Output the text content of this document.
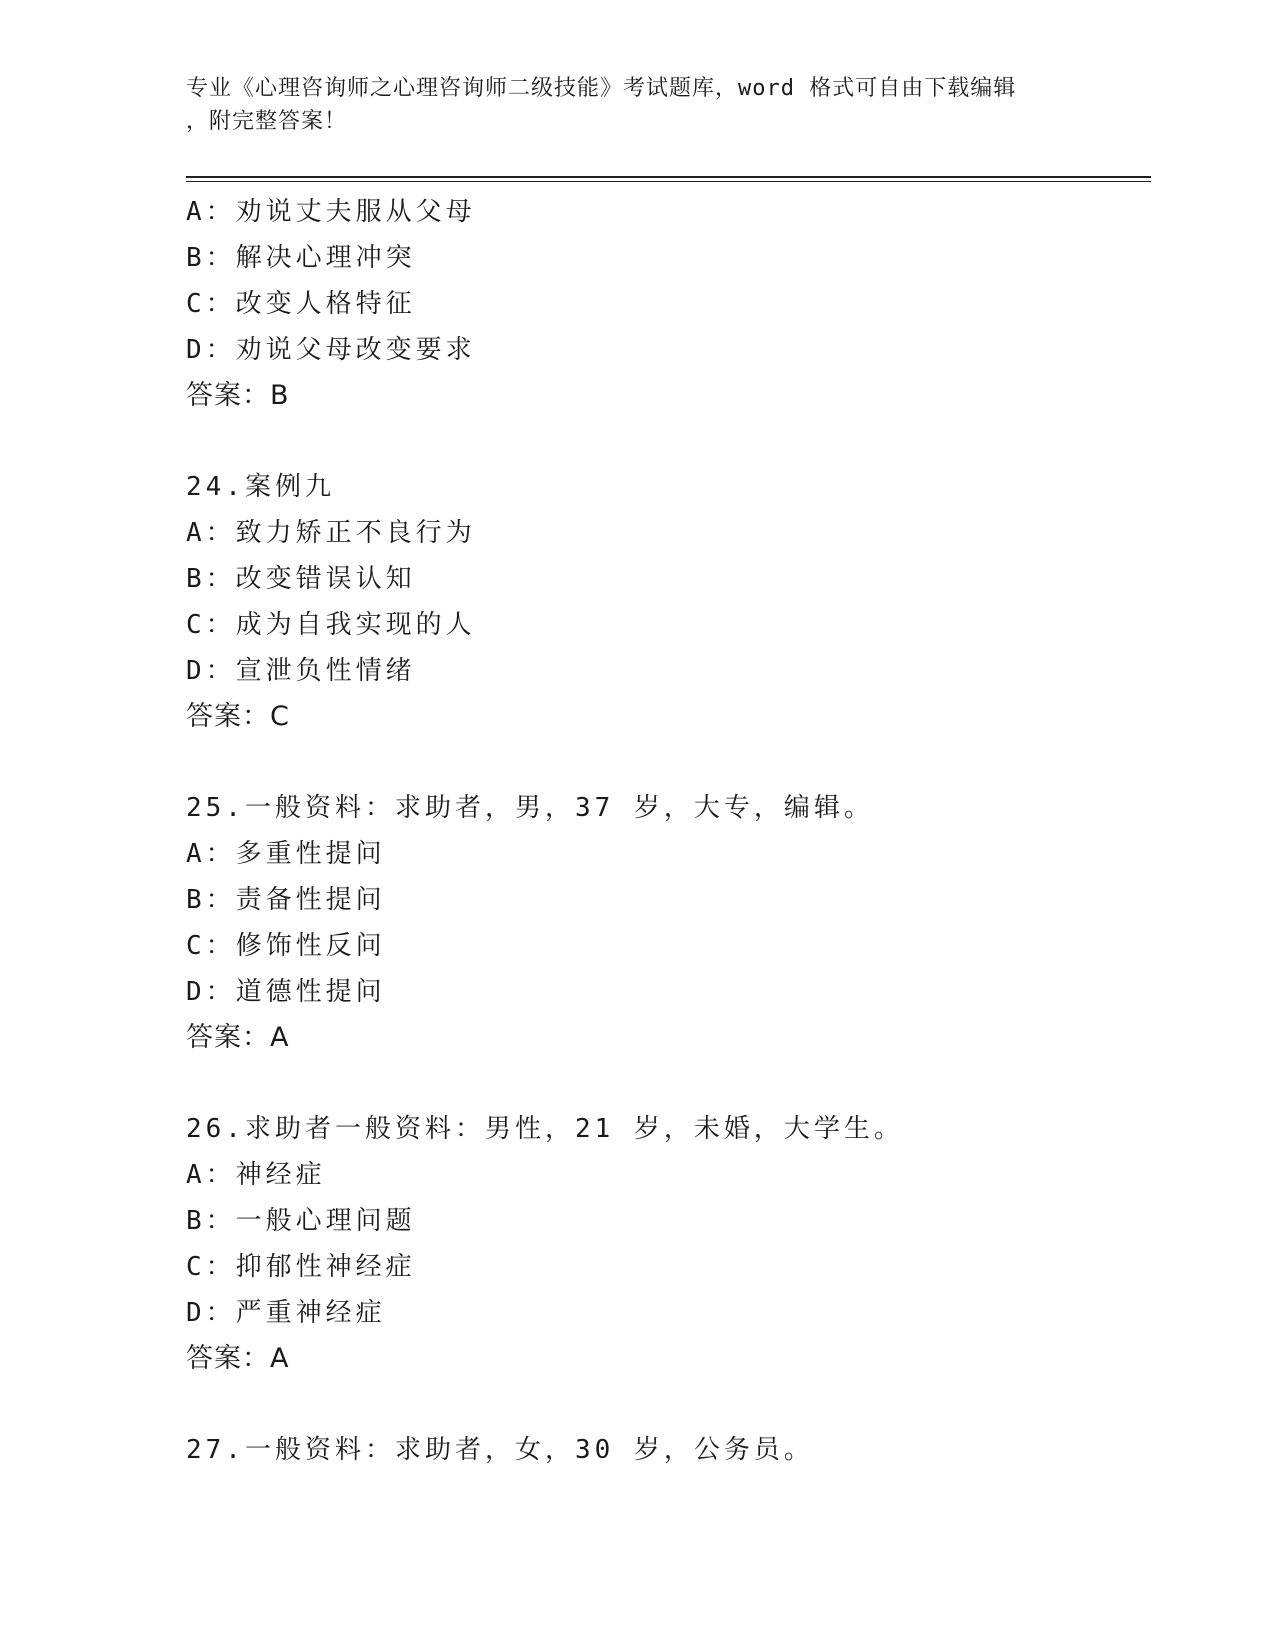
专业《心理咨询师之心理咨询师二级技能》考试题库，word 格式可自由下载编辑
，附完整答案！
A：劝说丈夫服从父母
B：解决心理冲突
C：改变人格特征
D：劝说父母改变要求
答案：B
24.案例九
A：致力矫正不良行为
B：改变错误认知
C：成为自我实现的人
D：宣泄负性情绪
答案：C
25.一般资料：求助者，男，37 岁，大专，编辑。
A：多重性提问
B：责备性提问
C：修饰性反问
D：道德性提问
答案：A
26.求助者一般资料：男性，21 岁，未婚，大学生。
A：神经症
B：一般心理问题
C：抑郁性神经症
D：严重神经症
答案：A
27.一般资料：求助者，女，30 岁，公务员。
